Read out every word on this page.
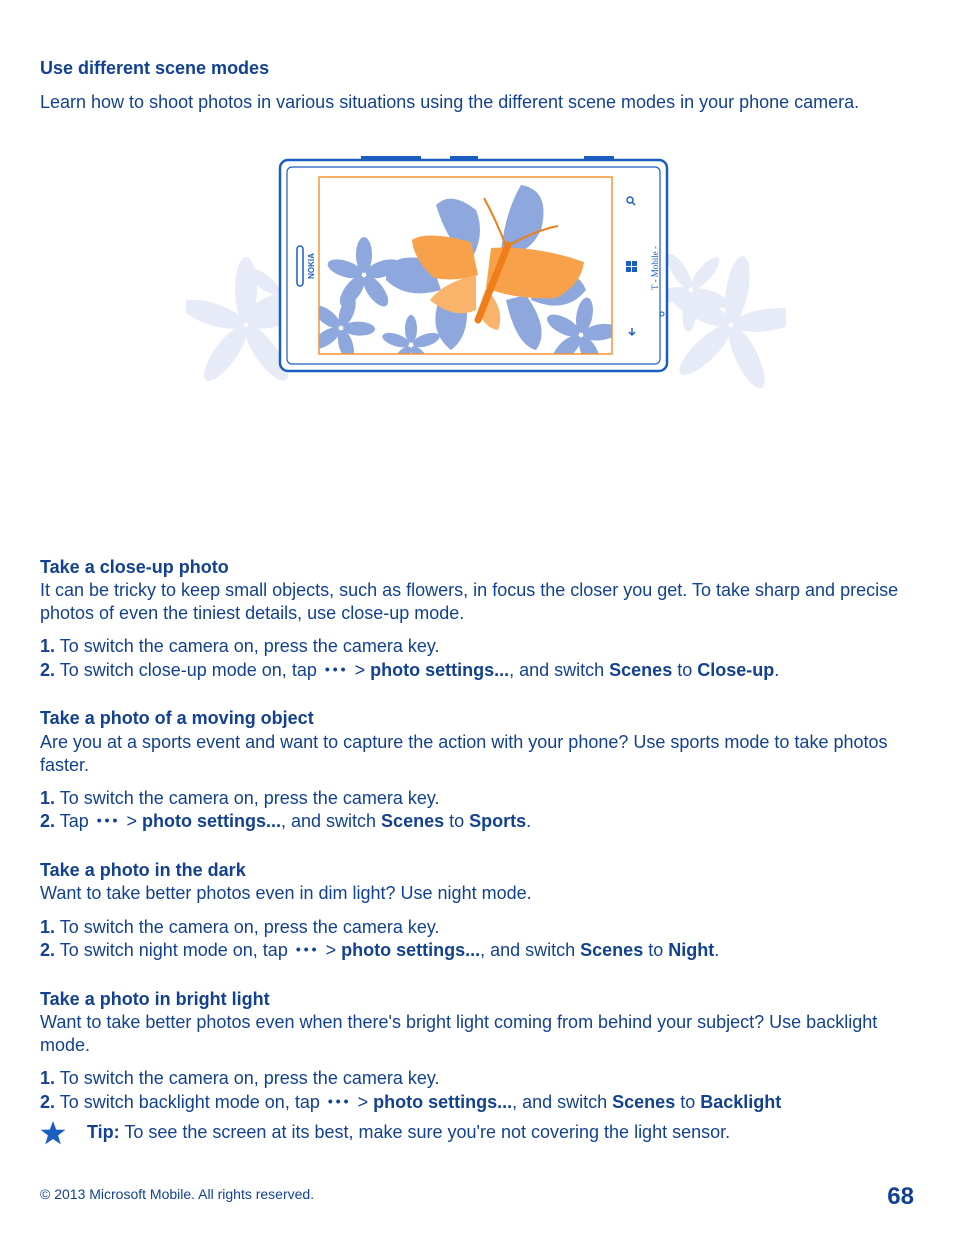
Use different scene modes

Learn how to shoot photos in various situations using the different scene modes in your phone camera.

NOKIA	T - Mobile -
Take a close-up photo

It can be tricky to keep small objects, such as flowers, in focus the closer you get. To take sharp and precise photos of even the tiniest details, use close-up mode.

1. To switch the camera on, press the camera key.
2. To switch close-up mode on, tap ••• > photo settings..., and switch Scenes to Close-up.
Take a photo of a moving object

Are you at a sports event and want to capture the action with your phone? Use sports mode to take photos faster.

1. To switch the camera on, press the camera key.
2. Tap ••• > photo settings..., and switch Scenes to Sports.
Take a photo in the dark

Want to take better photos even in dim light? Use night mode.

1. To switch the camera on, press the camera key.
2. To switch night mode on, tap ••• > photo settings..., and switch Scenes to Night.
Take a photo in bright light

Want to take better photos even when there's bright light coming from behind your subject? Use backlight mode.

1. To switch the camera on, press the camera key.
2. To switch backlight mode on, tap ••• > photo settings..., and switch Scenes to Backlight
Tip: To see the screen at its best, make sure you're not covering the light sensor.
© 2013 Microsoft Mobile. All rights reserved.	68
